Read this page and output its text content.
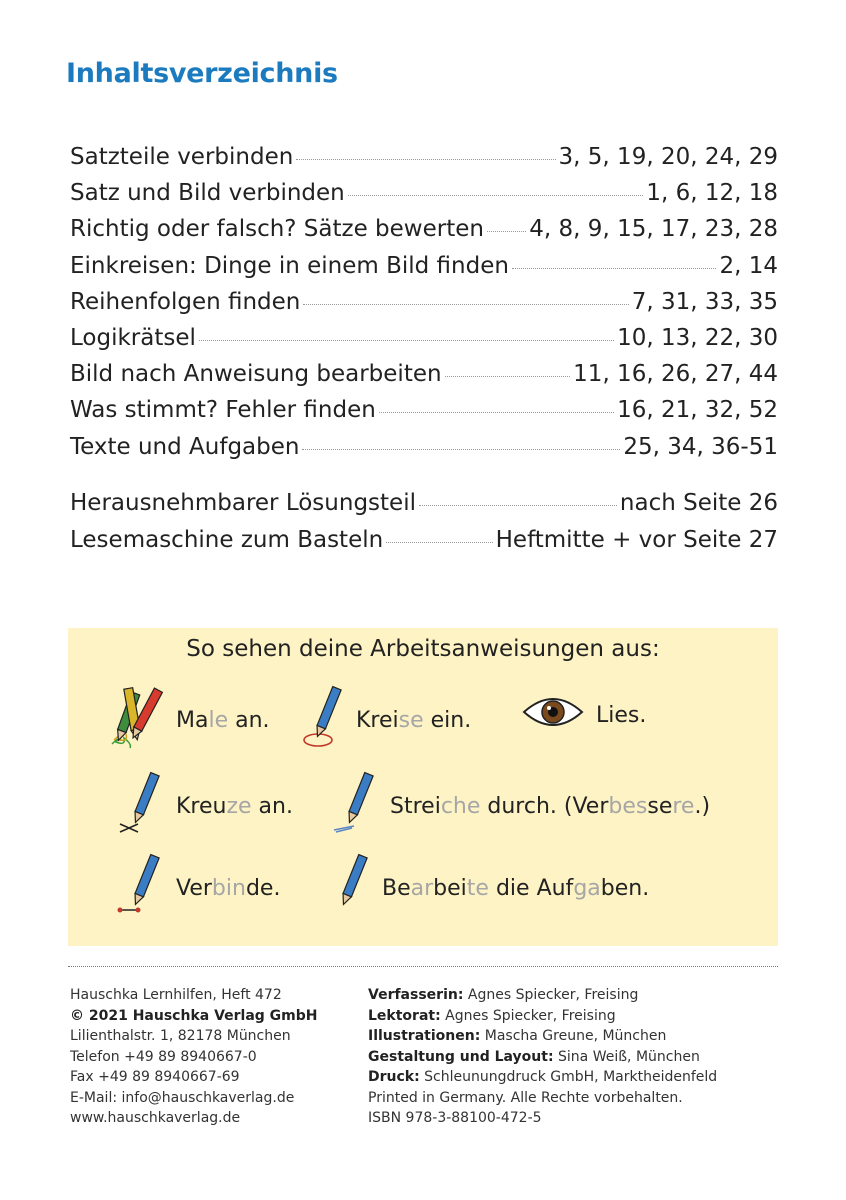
Inhaltsverzeichnis
Satzteile verbinden	3, 5, 19, 20, 24, 29
Satz und Bild verbinden	1, 6, 12, 18
Richtig oder falsch? Sätze bewerten 4, 8, 9, 15, 17, 23, 28
Einkreisen: Dinge in einem Bild finden	2, 14
Reihenfolgen finden	7, 31, 33, 35
Logikrätsel	10, 13, 22, 30
Bild nach Anweisung bearbeiten	11, 16, 26, 27, 44
Was stimmt? Fehler finden	16, 21, 32, 52
Texte und Aufgaben	25, 34, 36-51
Herausnehmbarer Lösungsteil	nach Seite 26
Lesemaschine zum Basteln	Heftmitte + vor Seite 27

So sehen deine Arbeitsanweisungen aus:

Male an.	Kreise ein.	Lies.
Kreuze an.	Streiche durch. (Verbessere.)
Verbinde.	Bearbeite die Aufgaben.
Hauschka Lernhilfen, Heft 472
© 2021 Hauschka Verlag GmbH
Lilienthalstr. 1, 82178 München
Telefon +49 89 8940667-0
Fax +49 89 8940667-69
E-Mail: info@hauschkaverlag.de
www.hauschkaverlag.de
Verfasserin: Agnes Spiecker, Freising
Lektorat: Agnes Spiecker, Freising
Illustrationen: Mascha Greune, München
Gestaltung und Layout: Sina Weiß, München
Druck: Schleunungdruck GmbH, Marktheidenfeld
Printed in Germany. Alle Rechte vorbehalten.
ISBN 978-3-88100-472-5
